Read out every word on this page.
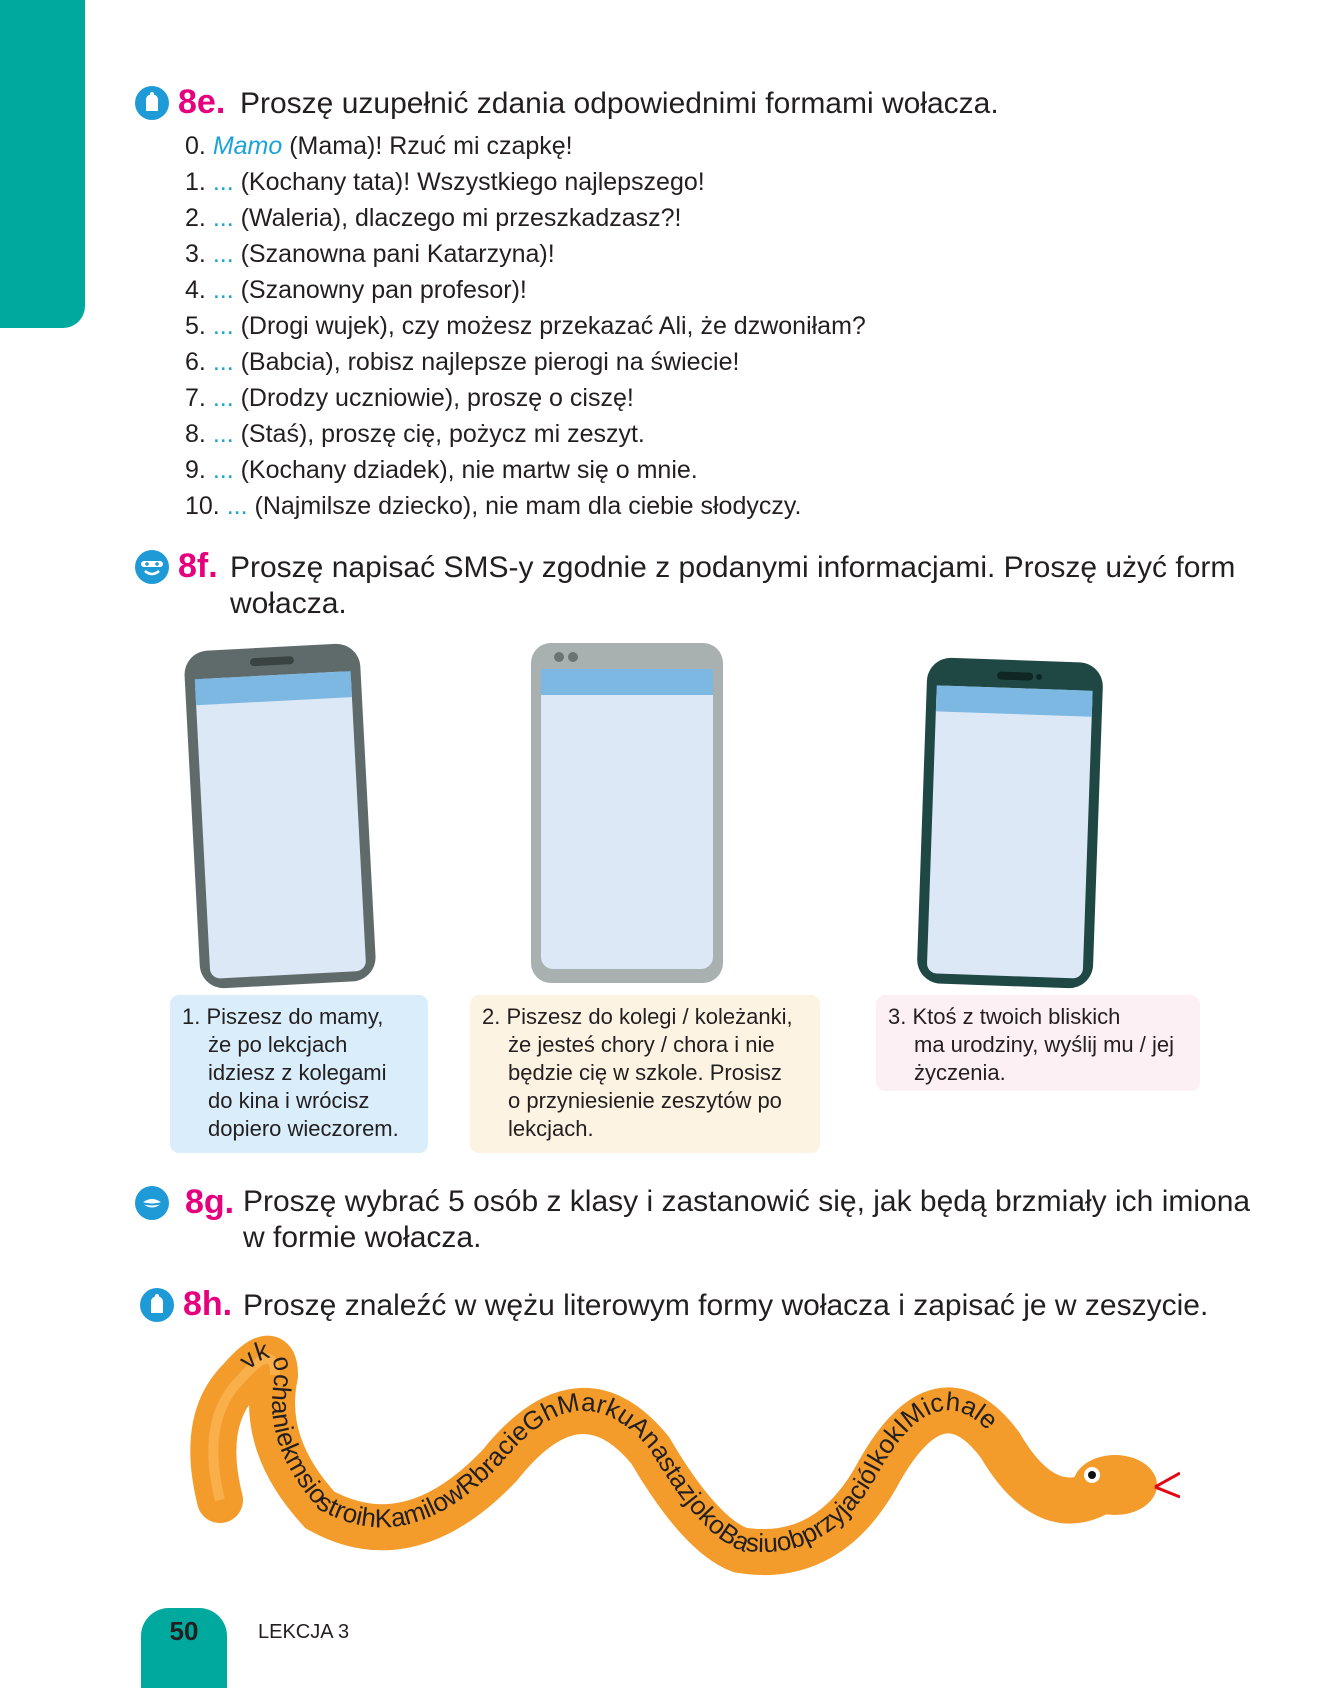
8e. Proszę uzupełnić zdania odpowiednimi formami wołacza.
0. Mamo (Mama)! Rzuć mi czapkę!
1. ... (Kochany tata)! Wszystkiego najlepszego!
2. ... (Waleria), dlaczego mi przeszkadzasz?!
3. ... (Szanowna pani Katarzyna)!
4. ... (Szanowny pan profesor)!
5. ... (Drogi wujek), czy możesz przekazać Ali, że dzwoniłam?
6. ... (Babcia), robisz najlepsze pierogi na świecie!
7. ... (Drodzy uczniowie), proszę o ciszę!
8. ... (Staś), proszę cię, pożycz mi zeszyt.
9. ... (Kochany dziadek), nie martw się o mnie.
10. ... (Najmilsze dziecko), nie mam dla ciebie słodyczy.
8f. Proszę napisać SMS-y zgodnie z podanymi informacjami. Proszę użyć form
wołacza.
1. Piszesz do mamy,
że po lekcjach
idziesz z kolegami
do kina i wrócisz
dopiero wieczorem.
2. Piszesz do kolegi / koleżanki,
że jesteś chory / chora i nie
będzie cię w szkole. Prosisz
o przyniesienie zeszytów po
lekcjach.
3. Ktoś z twoich bliskich
ma urodziny, wyślij mu / jej
życzenia.
8g. Proszę wybrać 5 osób z klasy i zastanowić się, jak będą brzmiały ich imiona
w formie wołacza.
8h. Proszę znaleźć w wężu literowym formy wołacza i zapisać je w zeszycie.
vkochaniekmsiostroihKamilowRbracieGhMarkuAnastazjokoBasiuobprzyjacióIkokIMichale
50	LEKCJA 3
